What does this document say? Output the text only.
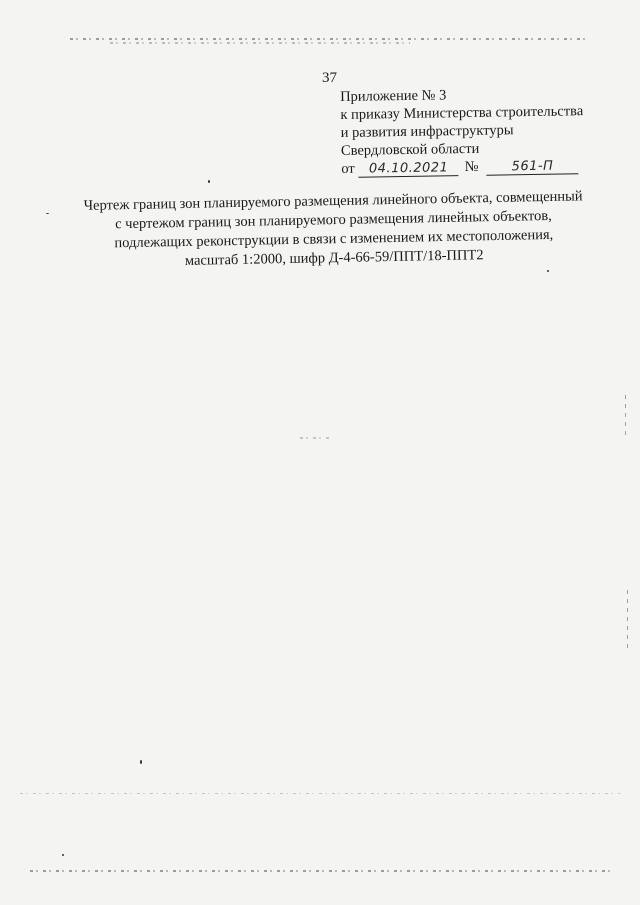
37
Приложение № 3
к приказу Министерства строительства
и развития инфраструктуры
Свердловской области
от	04.10.2021	№	561-П
Чертеж границ зон планируемого размещения линейного объекта, совмещенный
с чертежом границ зон планируемого размещения линейных объектов,
подлежащих реконструкции в связи с изменением их местоположения,
масштаб 1:2000, шифр Д-4-66-59/ППТ/18-ППТ2
